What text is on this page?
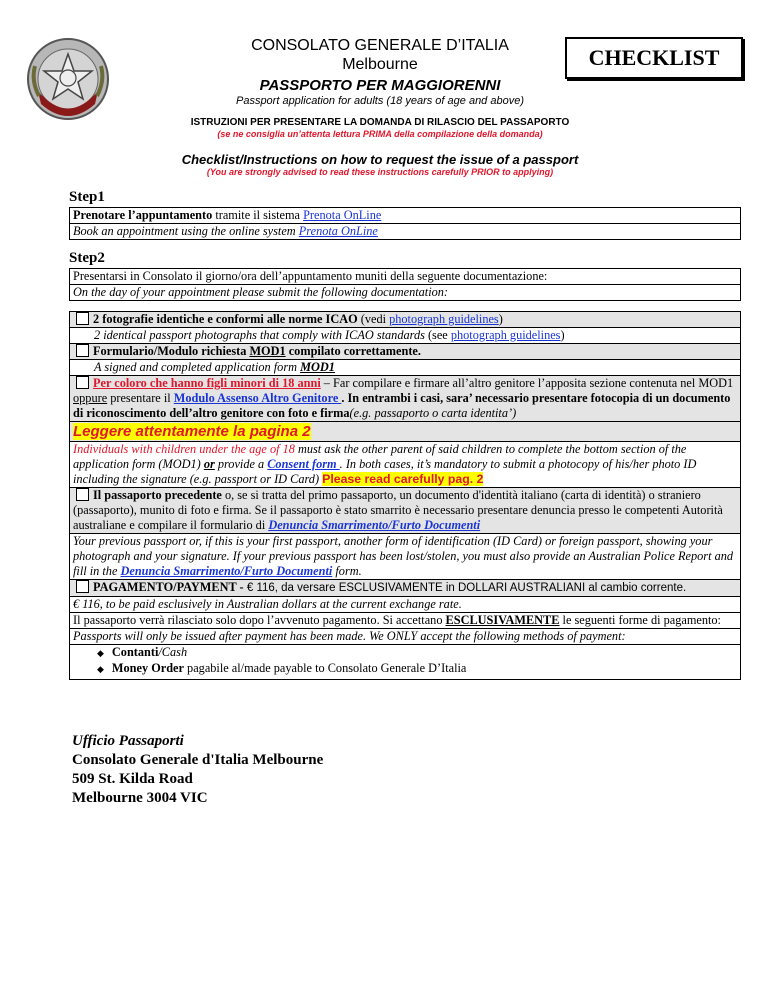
CONSOLATO GENERALE D’ITALIA
Melbourne
PASSPORTO PER MAGGIORENNI
Passport application for adults (18 years of age and above)
CHECKLIST
ISTRUZIONI PER PRESENTARE LA DOMANDA DI RILASCIO DEL PASSAPORTO
(se ne consiglia un’attenta lettura PRIMA della compilazione della domanda)
Checklist/Instructions on how to request the issue of a passport
(You are strongly advised to read these instructions carefully PRIOR to applying)
Step1
Prenotare l’appuntamento tramite il sistema Prenota OnLine
Book an appointment using the online system Prenota OnLine
Step2
Presentarsi in Consolato il giorno/ora dell’appuntamento muniti della seguente documentazione:
On the day of your appointment please submit the following documentation:
2 fotografie identiche e conformi alle norme ICAO (vedi photograph guidelines)
2 identical passport photographs that comply with ICAO standards (see photograph guidelines)
Formulario/Modulo richiesta MOD1 compilato correttamente.
A signed and completed application form MOD1
Per coloro che hanno figli minori di 18 anni – Far compilare e firmare all’altro genitore l’apposita sezione contenuta nel MOD1 oppure presentare il Modulo Assenso Altro Genitore . In entrambi i casi, sara’ necessario presentare fotocopia di un documento di riconoscimento dell’altro genitore con foto e firma(e.g. passaporto o carta identita’)
Leggere attentamente la pagina 2
Individuals with children under the age of 18 must ask the other parent of said children to complete the bottom section of the application form (MOD1) or provide a Consent form . In both cases, it’s mandatory to submit a photocopy of his/her photo ID including the signature (e.g. passport or ID Card) Please read carefully pag. 2
Il passaporto precedente o, se si tratta del primo passaporto, un documento d'identità italiano (carta di identità) o straniero (passaporto), munito di foto e firma. Se il passaporto è stato smarrito è necessario presentare denuncia presso le competenti Autorità australiane e compilare il formulario di Denuncia Smarrimento/Furto Documenti
Your previous passport or, if this is your first passport, another form of identification (ID Card) or foreign passport, showing your photograph and your signature. If your previous passport has been lost/stolen, you must also provide an Australian Police Report and fill in the Denuncia Smarrimento/Furto Documenti form.
PAGAMENTO/PAYMENT - € 116, da versare ESCLUSIVAMENTE in DOLLARI AUSTRALIANI al cambio corrente.
€ 116, to be paid esclusively in Australian dollars at the current exchange rate.
Il passaporto verrà rilasciato solo dopo l’avvenuto pagamento. Si accettano ESCLUSIVAMENTE le seguenti forme di pagamento:
Passports will only be issued after payment has been made. We ONLY accept the following methods of payment:
◆ Contanti/Cash
◆ Money Order pagabile al/made payable to Consolato Generale D’Italia
Ufficio Passaporti
Consolato Generale d'Italia Melbourne
509 St. Kilda Road
Melbourne 3004 VIC
